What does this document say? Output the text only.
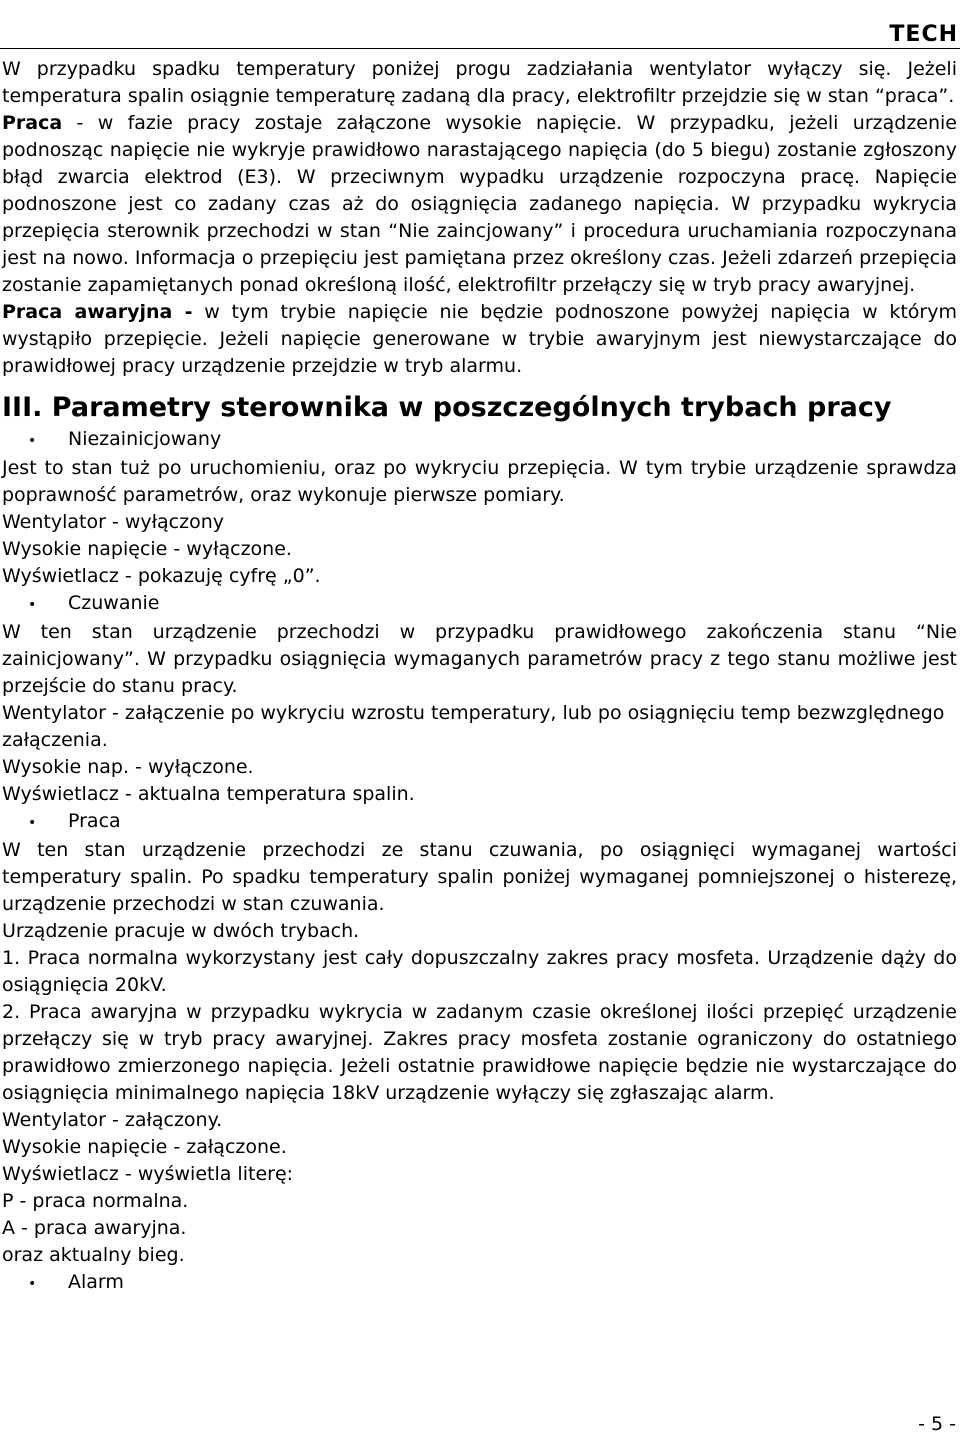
TECH

W przypadku spadku temperatury poniżej progu zadziałania wentylator wyłączy się. Jeżeli temperatura spalin osiągnie temperaturę zadaną dla pracy, elektrofiltr przejdzie się w stan “praca”.

Praca - w fazie pracy zostaje załączone wysokie napięcie. W przypadku, jeżeli urządzenie podnosząc napięcie nie wykryje prawidłowo narastającego napięcia (do 5 biegu) zostanie zgłoszony błąd zwarcia elektrod (E3). W przeciwnym wypadku urządzenie rozpoczyna pracę. Napięcie podnoszone jest co zadany czas aż do osiągnięcia zadanego napięcia. W przypadku wykrycia przepięcia sterownik przechodzi w stan “Nie zaincjowany” i procedura uruchamiania rozpoczynana jest na nowo. Informacja o przepięciu jest pamiętana przez określony czas. Jeżeli zdarzeń przepięcia zostanie zapamiętanych ponad określoną ilość, elektrofiltr przełączy się w tryb pracy awaryjnej.

Praca awaryjna - w tym trybie napięcie nie będzie podnoszone powyżej napięcia w którym wystąpiło przepięcie. Jeżeli napięcie generowane w trybie awaryjnym jest niewystarczające do prawidłowej pracy urządzenie przejdzie w tryb alarmu.

III. Parametry sterownika w poszczególnych trybach pracy
•	Niezainicjowany

Jest to stan tuż po uruchomieniu, oraz po wykryciu przepięcia. W tym trybie urządzenie sprawdza poprawność parametrów, oraz wykonuje pierwsze pomiary.

Wentylator - wyłączony

Wysokie napięcie - wyłączone.

Wyświetlacz - pokazuję cyfrę „0”.

•	Czuwanie

W ten stan urządzenie przechodzi w przypadku prawidłowego zakończenia stanu “Nie zainicjowany”. W przypadku osiągnięcia wymaganych parametrów pracy z tego stanu możliwe jest przejście do stanu pracy.

Wentylator - załączenie po wykryciu wzrostu temperatury, lub po osiągnięciu temp bezwzględnego załączenia.

Wysokie nap. - wyłączone.

Wyświetlacz - aktualna temperatura spalin.

•	Praca

W ten stan urządzenie przechodzi ze stanu czuwania, po osiągnięci wymaganej wartości temperatury spalin. Po spadku temperatury spalin poniżej wymaganej pomniejszonej o histerezę, urządzenie przechodzi w stan czuwania.

Urządzenie pracuje w dwóch trybach.

1. Praca normalna wykorzystany jest cały dopuszczalny zakres pracy mosfeta. Urządzenie dąży do osiągnięcia 20kV.

2. Praca awaryjna w przypadku wykrycia w zadanym czasie określonej ilości przepięć urządzenie przełączy się w tryb pracy awaryjnej. Zakres pracy mosfeta zostanie ograniczony do ostatniego prawidłowo zmierzonego napięcia. Jeżeli ostatnie prawidłowe napięcie będzie nie wystarczające do osiągnięcia minimalnego napięcia 18kV urządzenie wyłączy się zgłaszając alarm.

Wentylator - załączony.

Wysokie napięcie - załączone.

Wyświetlacz - wyświetla literę:

P - praca normalna.

A - praca awaryjna.

oraz aktualny bieg.

•	Alarm
- 5 -
